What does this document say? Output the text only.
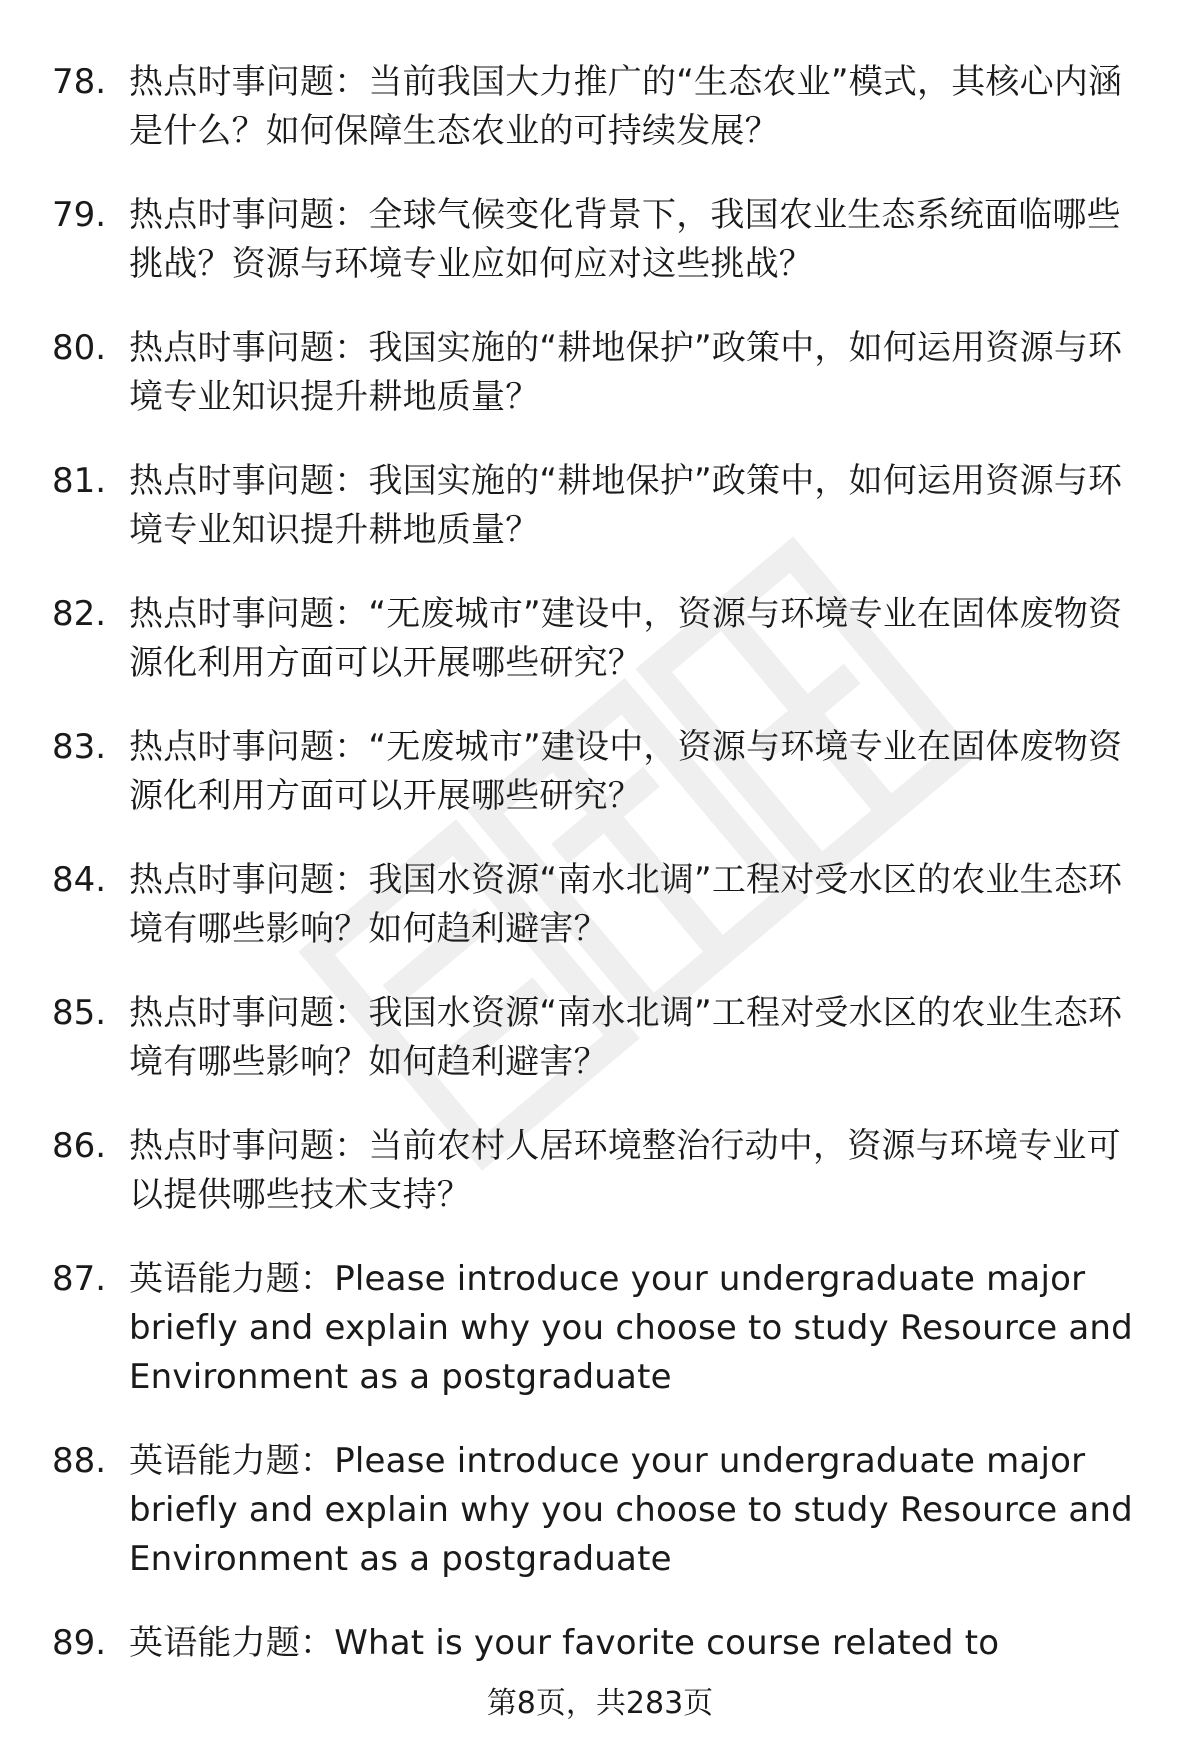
78. 热点时事问题：当前我国大力推广的“生态农业”模式，其核心内涵是什么？如何保障生态农业的可持续发展？
79. 热点时事问题：全球气候变化背景下，我国农业生态系统面临哪些挑战？资源与环境专业应如何应对这些挑战？
80. 热点时事问题：我国实施的“耕地保护”政策中，如何运用资源与环境专业知识提升耕地质量？
81. 热点时事问题：我国实施的“耕地保护”政策中，如何运用资源与环境专业知识提升耕地质量？
82. 热点时事问题：“无废城市”建设中，资源与环境专业在固体废物资源化利用方面可以开展哪些研究？
83. 热点时事问题：“无废城市”建设中，资源与环境专业在固体废物资源化利用方面可以开展哪些研究？
84. 热点时事问题：我国水资源“南水北调”工程对受水区的农业生态环境有哪些影响？如何趋利避害？
85. 热点时事问题：我国水资源“南水北调”工程对受水区的农业生态环境有哪些影响？如何趋利避害？
86. 热点时事问题：当前农村人居环境整治行动中，资源与环境专业可以提供哪些技术支持？
87. 英语能力题：Please introduce your undergraduate major briefly and explain why you choose to study Resource and Environment as a postgraduate
88. 英语能力题：Please introduce your undergraduate major briefly and explain why you choose to study Resource and Environment as a postgraduate
89. 英语能力题：What is your favorite course related to
第8页，共283页
